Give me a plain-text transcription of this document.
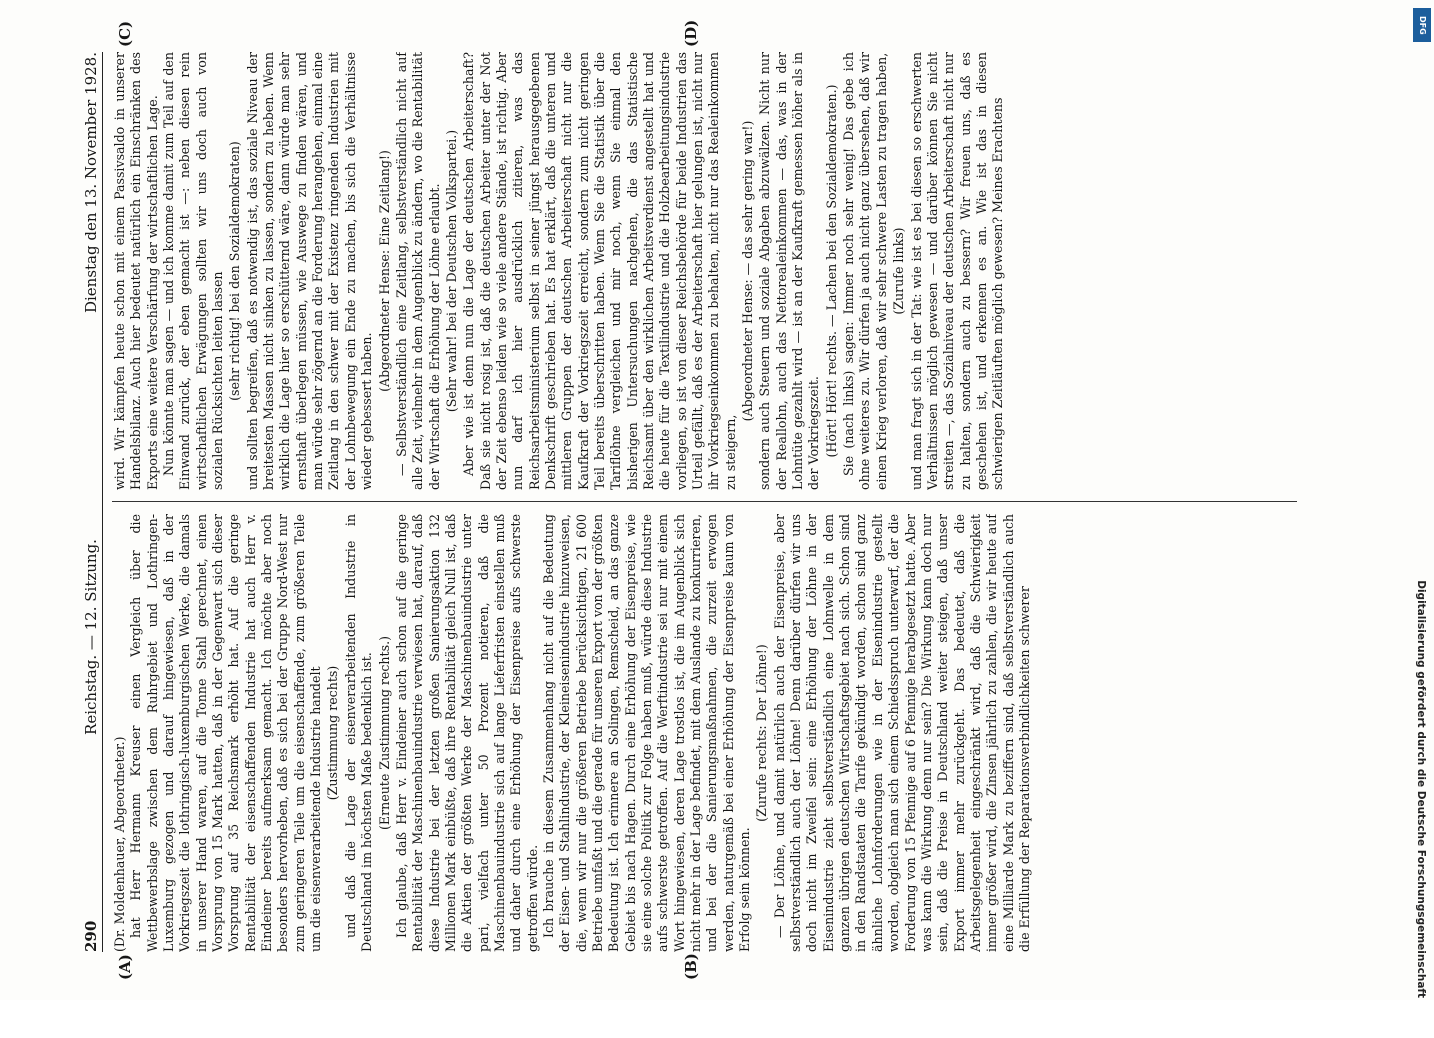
290
Reichstag. — 12. Sitzung.
Dienstag den 13. November 1928.

(Dr. Moldenhauer, Abgeordneter.) hat Herr Hermann Kreuser einen Vergleich über die Wettbewerbslage zwischen dem Ruhrgebiet und Lothringen-Luxemburg gezogen und darauf hingewiesen, daß in der Vorkriegszeit die lothringisch-luxemburgischen Werke, die damals in unserer Hand waren, auf die Tonne Stahl gerechnet, einen Vorsprung von 15 Mark hatten, daß in der Gegenwart sich dieser Vorsprung auf 35 Reichsmark erhöht hat. Auf die geringe Rentabilität der eisenschaffenden Industrie hat auch Herr v. Eindeiner bereits aufmerksam gemacht. Ich möchte aber noch besonders hervorheben, daß es sich bei der Gruppe Nord-West nur zum geringeren Teile um die eisenschaffende, zum größeren Teile um die eisenverarbeitende Industrie handelt (Zustimmung rechts) und daß die Lage der eisenverarbeitenden Industrie in Deutschland im höchsten Maße bedenklich ist. (Erneute Zustimmung rechts.) Ich glaube, daß Herr v. Eindeiner auch schon auf die geringe Rentabilität der Maschinenbauindustrie verwiesen hat, darauf, daß diese Industrie bei der letzten großen Sanierungsaktion 132 Millionen Mark einbüßte, daß ihre Rentabilität gleich Null ist, daß die Aktien der größten Werke der Maschinenbauindustrie unter pari, vielfach unter 50 Prozent notieren, daß die Maschinenbauindustrie sich auf lange Lieferfristen einstellen muß und daher durch eine Erhöhung der Eisenpreise aufs schwerste getroffen würde. Ich brauche in diesem Zusammenhang nicht auf die Bedeutung der Eisen- und Stahlindustrie, der Kleineisenindustrie hinzuweisen, die, wenn wir nur die größeren Betriebe berücksichtigen, 21 600 Betriebe umfaßt und die gerade für unseren Export von der größten Bedeutung ist. Ich erinnere an Solingen, Remscheid, an das ganze Gebiet bis nach Hagen. Durch eine Erhöhung der Eisenpreise, wie sie eine solche Politik zur Folge haben muß, würde diese Industrie aufs schwerste getroffen. Auf die Werftindustrie sei nur mit einem Wort hingewiesen, deren Lage trostlos ist, die im Augenblick sich nicht mehr in der Lage befindet, mit dem Auslande zu konkurrieren, und bei der die Sanierungsmaßnahmen, die zurzeit erwogen werden, naturgemäß bei einer Erhöhung der Eisenpreise kaum von Erfolg sein können.

(Zurufe rechts: Der Löhne!) — Der Löhne, und damit natürlich auch der Eisenpreise, aber selbstverständlich auch der Löhne! Denn darüber dürfen wir uns doch nicht im Zweifel sein: eine Erhöhung der Löhne in der Eisenindustrie zieht selbstverständlich eine Lohnwelle in dem ganzen übrigen deutschen Wirtschaftsgebiet nach sich. Schon sind in den Randstaaten die Tarife gekündigt worden, schon sind ganz ähnliche Lohnforderungen wie in der Eisenindustrie gestellt worden, obgleich man sich einem Schiedsspruch unterwarf, der die Forderung von 15 Pfennige auf 6 Pfennige herabgesetzt hatte. Aber was kann die Wirkung denn nur sein? Die Wirkung kann doch nur sein, daß die Preise in Deutschland weiter steigen, daß unser Export immer mehr zurückgeht. Das bedeutet, daß die Arbeitsgelegenheit eingeschränkt wird, daß die Schwierigkeit immer größer wird, die Zinsen jährlich zu zahlen, die wir heute auf eine Milliarde Mark zu beziffern sind, daß selbstverständlich auch die Erfüllung der Reparationsverbindlichkeiten schwerer

wird. Wir kämpfen heute schon mit einem Passivsaldo in unserer Handelsbilanz. Auch hier bedeutet natürlich ein Einschränken des Exports eine weitere Verschärfung der wirtschaftlichen Lage. Nun könnte man sagen — und ich komme damit zum Teil auf den Einwand zurück, der eben gemacht ist —: neben diesen rein wirtschaftlichen Erwägungen sollten wir uns doch auch von sozialen Rücksichten leiten lassen (sehr richtig! bei den Sozialdemokraten) und sollten begreifen, daß es notwendig ist, das soziale Niveau der breitesten Massen nicht sinken zu lassen, sondern zu heben. Wenn wirklich die Lage hier so erschütternd wäre, dann würde man sehr ernsthaft überlegen müssen, wie Auswege zu finden wären, und man würde sehr zögernd an die Forderung herangehen, einmal eine Zeitlang in den schwer mit der Existenz ringenden Industrien mit der Lohnbewegung ein Ende zu machen, bis sich die Verhältnisse wieder gebessert haben.

(Abgeordneter Hense: Eine Zeitlang!) — Selbstverständlich eine Zeitlang, selbstverständlich nicht auf alle Zeit, vielmehr in dem Augenblick zu ändern, wo die Rentabilität der Wirtschaft die Erhöhung der Löhne erlaubt. (Sehr wahr! bei der Deutschen Volkspartei.) Aber wie ist denn nun die Lage der deutschen Arbeiterschaft? Daß sie nicht rosig ist, daß die deutschen Arbeiter unter der Not der Zeit ebenso leiden wie so viele andere Stände, ist richtig. Aber nun darf ich hier ausdrücklich zitieren, was das Reichsarbeitsministerium selbst in seiner jüngst herausgegebenen Denkschrift geschrieben hat. Es hat erklärt, daß die unteren und mittleren Gruppen der deutschen Arbeiterschaft nicht nur die Kaufkraft der Vorkriegszeit erreicht, sondern zum nicht geringen Teil bereits überschritten haben. Wenn Sie die Statistik über die Tariflöhne vergleichen und mir noch, wenn Sie einmal den bisherigen Untersuchungen nachgehen, die das Statistische Reichsamt über den wirklichen Arbeitsverdienst angestellt hat und die heute für die Textilindustrie und die Holzbearbeitungsindustrie vorliegen, so ist von dieser Reichsbehörde für beide Industrien das Urteil gefällt, daß es der Arbeiterschaft hier gelungen ist, nicht nur ihr Vorkriegseinkommen zu behalten, nicht nur das Realeinkommen zu steigern,

(Abgeordneter Hense: — das sehr gering war!) sondern auch Steuern und soziale Abgaben abzuwälzen. Nicht nur der Reallohn, auch das Nettorealeinkommen — das, was in der Lohntüte gezahlt wird — ist an der Kaufkraft gemessen höher als in der Vorkriegszeit. (Hört! Hört! rechts. — Lachen bei den Sozialdemokraten.) Sie (nach links) sagen: Immer noch sehr wenig! Das gebe ich ohne weiteres zu. Wir dürfen ja auch nicht ganz übersehen, daß wir einen Krieg verloren, daß wir sehr schwere Lasten zu tragen haben, (Zurufe links) und man fragt sich in der Tat: wie ist es bei diesen so erschwerten Verhältnissen möglich gewesen — und darüber können Sie nicht streiten —, das Sozialniveau der deutschen Arbeiterschaft nicht nur zu halten, sondern auch zu bessern? Wir freuen uns, daß es geschehen ist, und erkennen es an. Wie ist das in diesen schwierigen Zeitläuften möglich gewesen? Meines Erachtens

(A)	(B)
(C)	(D)	DFG
Digitalisierung gefördert durch die Deutsche Forschungsgemeinschaft
